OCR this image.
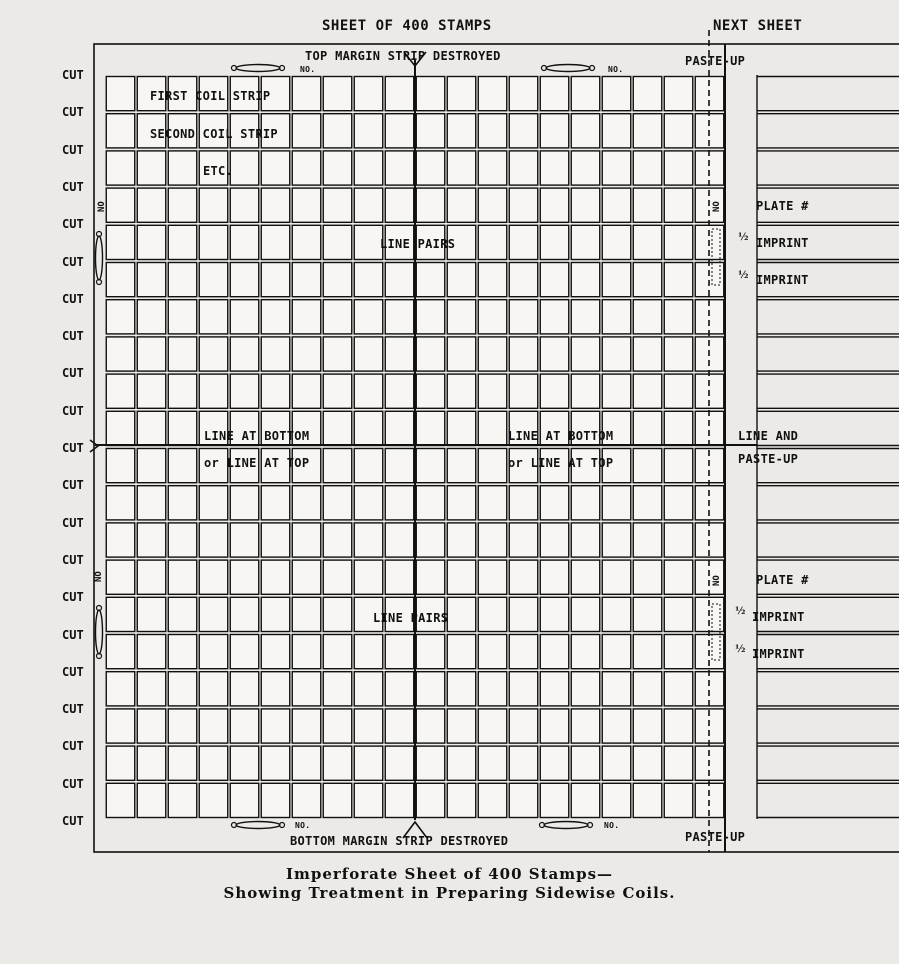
SHEET OF 400 STAMPS	NEXT SHEET
TOP MARGIN STRIP DESTROYED	PASTE-UP
BOTTOM MARGIN STRIP DESTROYED	PASTE-UP
NO.	NO.
NO.	NO.
FIRST COIL STRIP
SECOND COIL STRIP
ETC.
LINE PAIRS
LINE PAIRS
LINE AT BOTTOM
or LINE AT TOP
LINE AT BOTTOM
or LINE AT TOP
PLATE #
IMPRINT
IMPRINT
LINE AND
PASTE-UP
PLATE #
IMPRINT
IMPRINT
½
½
½
½
NO
NO
NO
NO
CUT
CUT
CUT
CUT
CUT
CUT
CUT
CUT
CUT
CUT
CUT
CUT
CUT
CUT
CUT
CUT
CUT
CUT
CUT
CUT
CUT
Imperforate Sheet of 400 Stamps—
Showing Treatment in Preparing Sidewise Coils.
